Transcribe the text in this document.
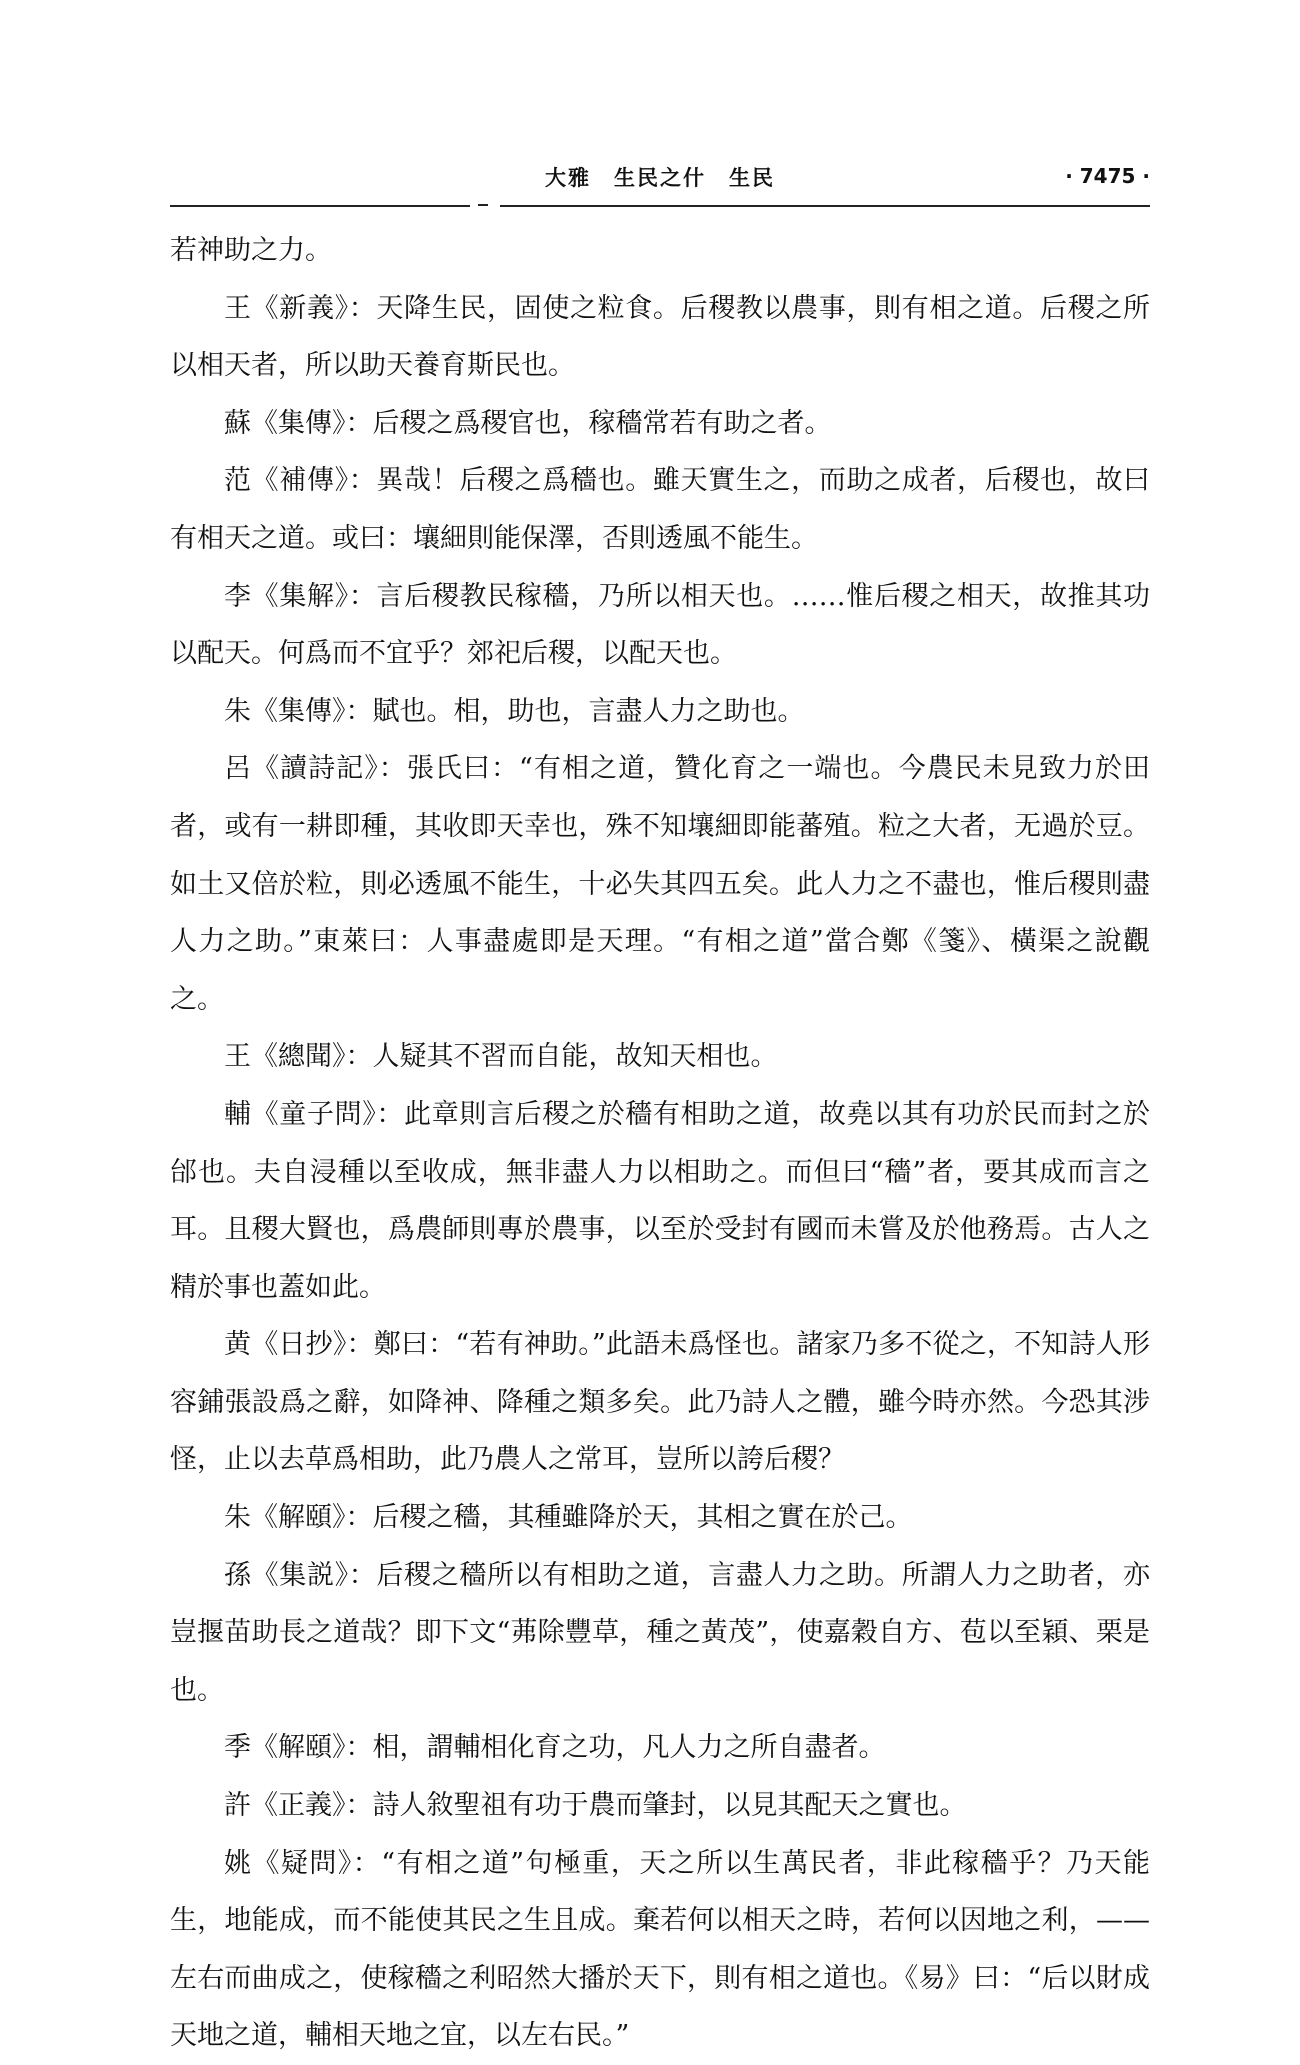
大雅　生民之什　生民	· 7475 ·

若神助之力。

王《新義》：天降生民，固使之粒食。后稷教以農事，則有相之道。后稷之所以相天者，所以助天養育斯民也。

蘇《集傳》：后稷之爲稷官也，稼穡常若有助之者。

范《補傳》：異哉！后稷之爲穡也。雖天實生之，而助之成者，后稷也，故曰有相天之道。或曰：壤細則能保澤，否則透風不能生。

李《集解》：言后稷教民稼穡，乃所以相天也。……惟后稷之相天，故推其功以配天。何爲而不宜乎？郊祀后稷，以配天也。

朱《集傳》：賦也。相，助也，言盡人力之助也。

呂《讀詩記》：張氏曰：“有相之道，贊化育之一端也。今農民未見致力於田者，或有一耕即種，其收即天幸也，殊不知壤細即能蕃殖。粒之大者，无過於豆。如土又倍於粒，則必透風不能生，十必失其四五矣。此人力之不盡也，惟后稷則盡人力之助。”東萊曰：人事盡處即是天理。“有相之道”當合鄭《箋》、橫渠之說觀之。

王《總聞》：人疑其不習而自能，故知天相也。

輔《童子問》：此章則言后稷之於穡有相助之道，故堯以其有功於民而封之於邰也。夫自浸種以至收成，無非盡人力以相助之。而但曰“穡”者，要其成而言之耳。且稷大賢也，爲農師則專於農事，以至於受封有國而未嘗及於他務焉。古人之精於事也蓋如此。

黄《日抄》：鄭曰：“若有神助。”此語未爲怪也。諸家乃多不從之，不知詩人形容鋪張設爲之辭，如降神、降種之類多矣。此乃詩人之體，雖今時亦然。今恐其涉怪，止以去草爲相助，此乃農人之常耳，豈所以誇后稷？

朱《解頤》：后稷之穡，其種雖降於天，其相之實在於己。

孫《集説》：后稷之穡所以有相助之道，言盡人力之助。所謂人力之助者，亦豈揠苗助長之道哉？即下文“茀除豐草，種之黃茂”，使嘉穀自方、苞以至穎、栗是也。

季《解頤》：相，謂輔相化育之功，凡人力之所自盡者。

許《正義》：詩人敘聖祖有功于農而肇封，以見其配天之實也。

姚《疑問》：“有相之道”句極重，天之所以生萬民者，非此稼穡乎？乃天能生，地能成，而不能使其民之生且成。棄若何以相天之時，若何以因地之利，——左右而曲成之，使稼穡之利昭然大播於天下，則有相之道也。《易》曰：“后以財成天地之道，輔相天地之宜，以左右民。”
